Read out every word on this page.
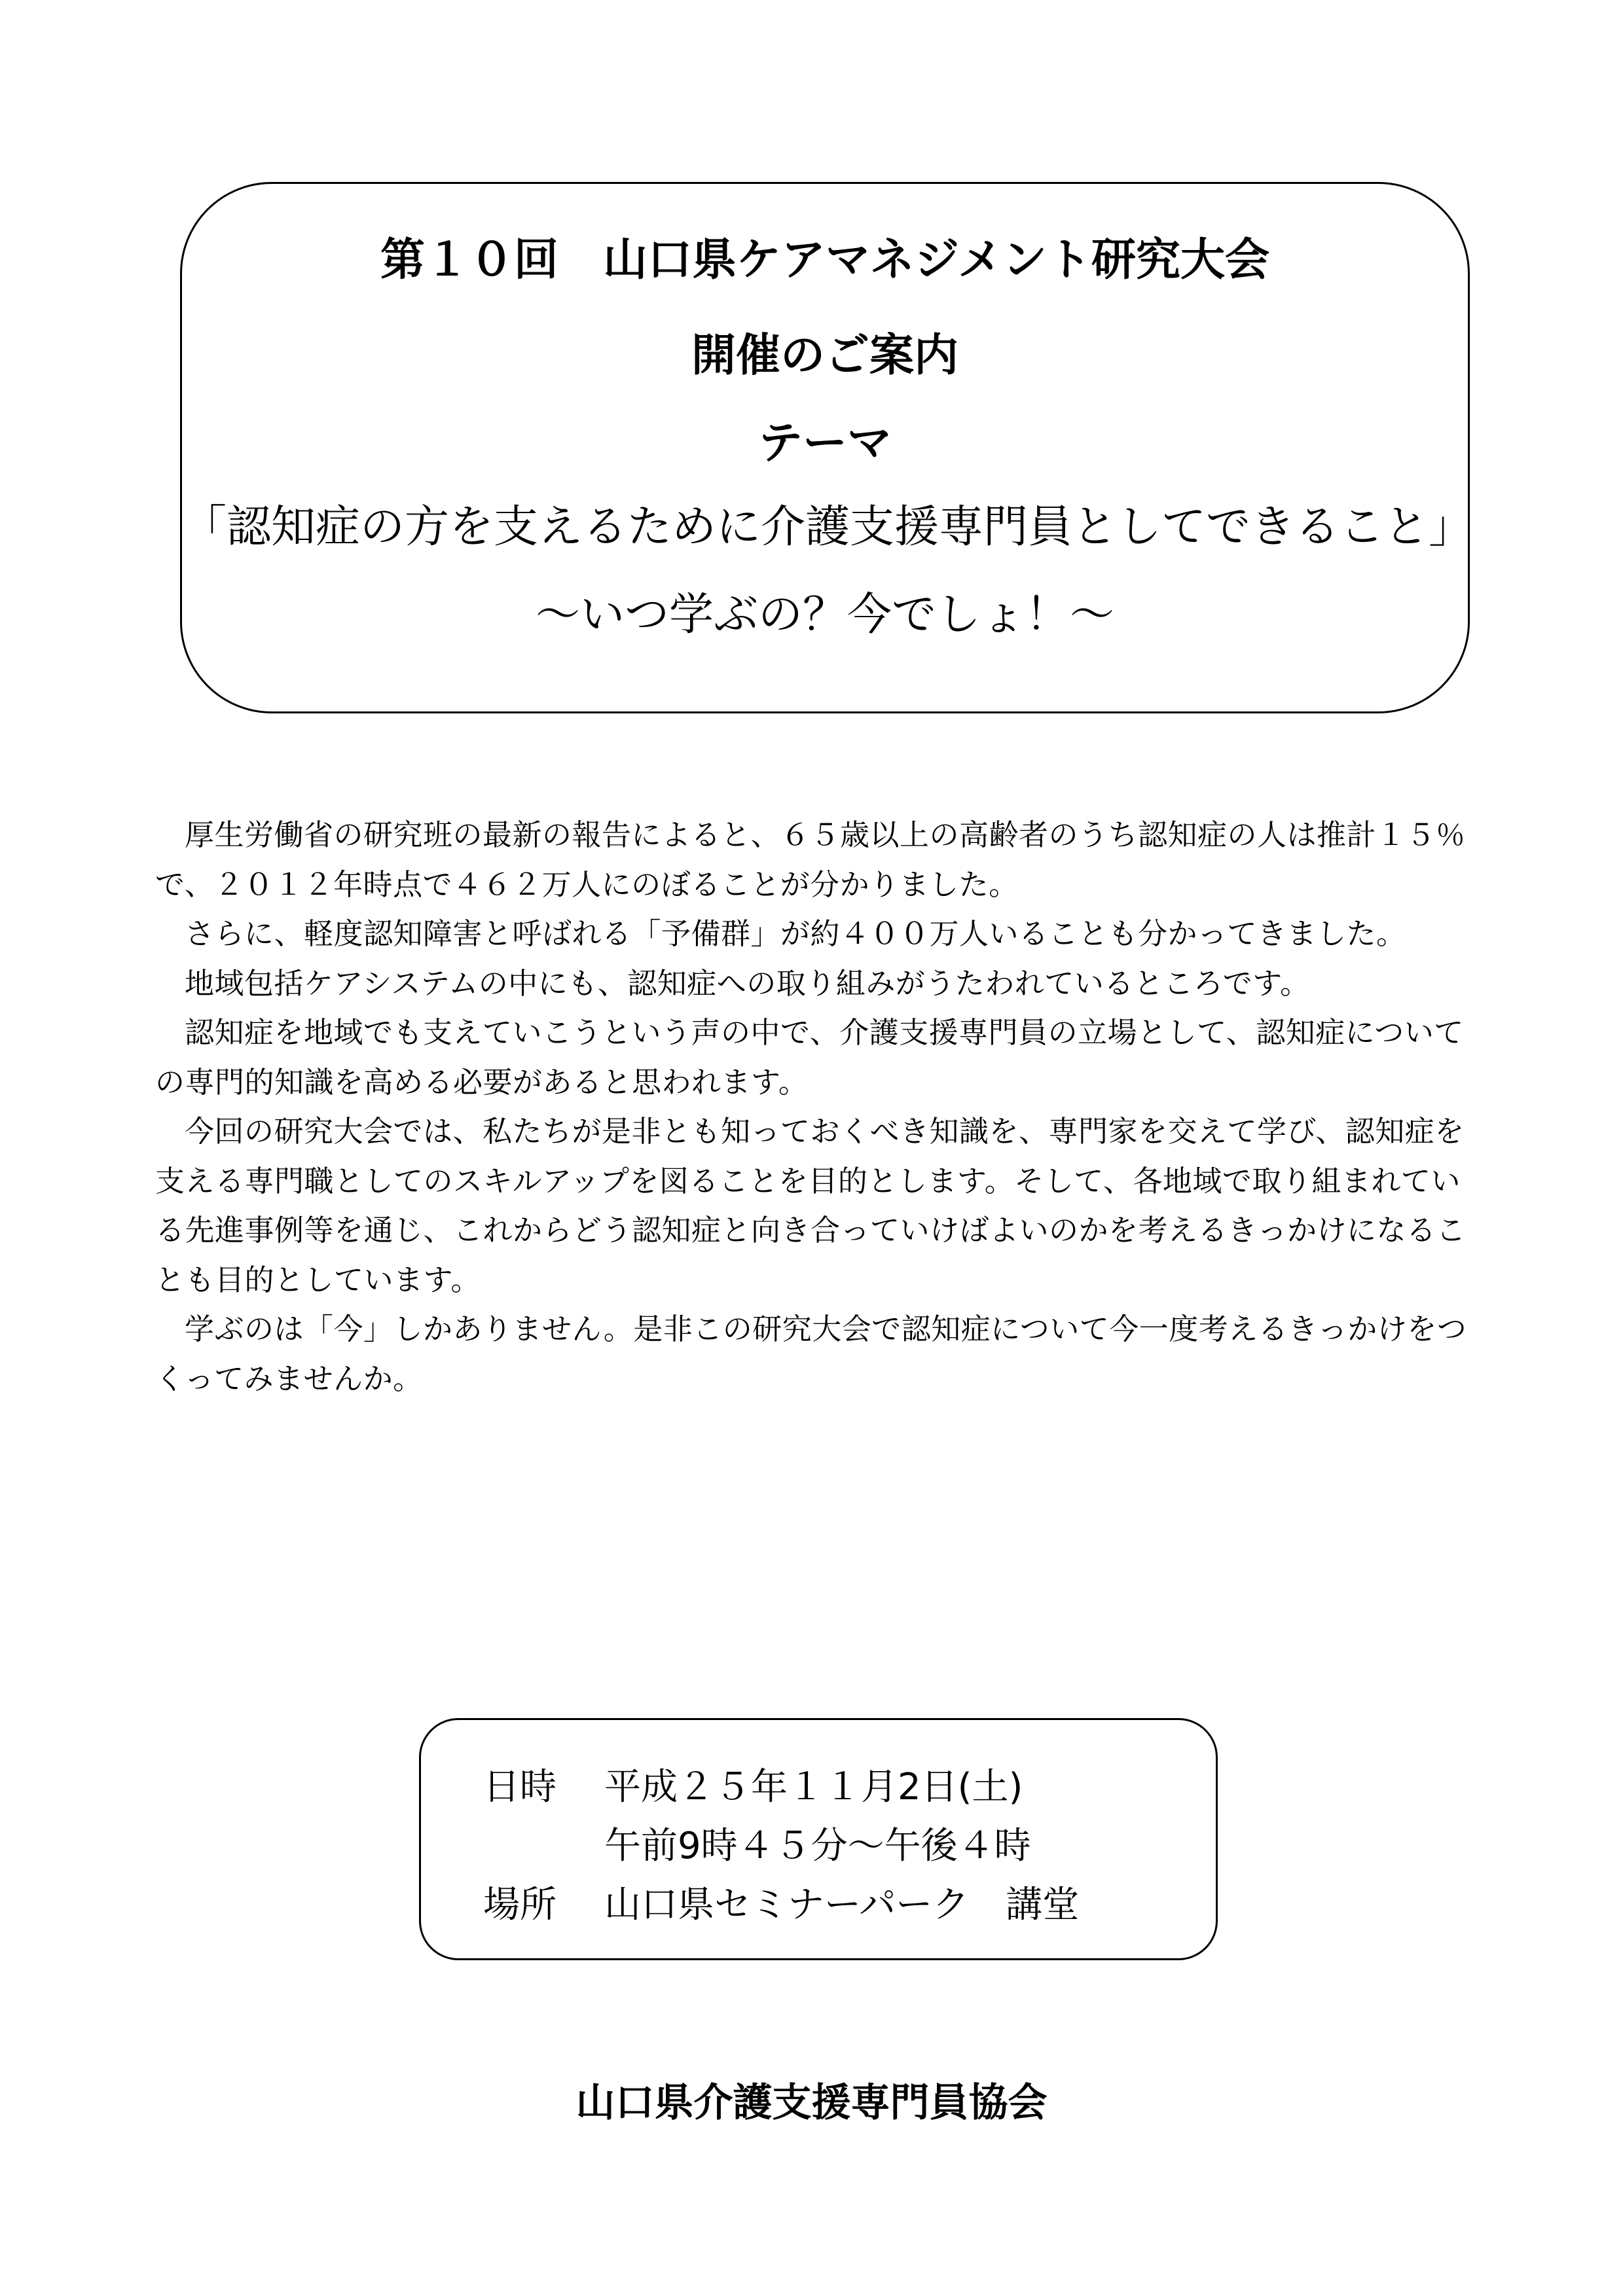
第１０回　山口県ケアマネジメント研究大会
開催のご案内
テーマ
「認知症の方を支えるために介護支援専門員としてできること」
～いつ学ぶの？今でしょ！～

厚生労働省の研究班の最新の報告によると、６５歳以上の高齢者のうち認知症の人は推計１５％で、２０１２年時点で４６２万人にのぼることが分かりました。

さらに、軽度認知障害と呼ばれる「予備群」が約４００万人いることも分かってきました。

地域包括ケアシステムの中にも、認知症への取り組みがうたわれているところです。

認知症を地域でも支えていこうという声の中で、介護支援専門員の立場として、認知症についての専門的知識を高める必要があると思われます。

今回の研究大会では、私たちが是非とも知っておくべき知識を、専門家を交えて学び、認知症を支える専門職としてのスキルアップを図ることを目的とします。そして、各地域で取り組まれている先進事例等を通じ、これからどう認知症と向き合っていけばよいのかを考えるきっかけになることも目的としています。

学ぶのは「今」しかありません。是非この研究大会で認知症について今一度考えるきっかけをつくってみませんか。

日時 平成２５年１１月2日(土)
午前9時４５分～午後４時
場所 山口県セミナーパーク　講堂
山口県介護支援専門員協会
